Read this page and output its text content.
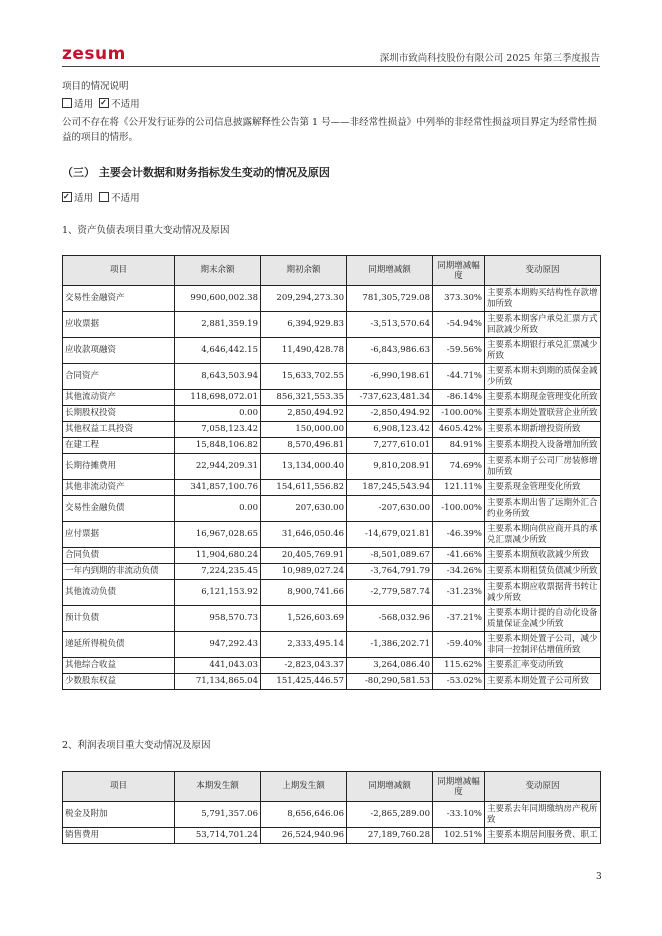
zesum	深圳市致尚科技股份有限公司 2025 年第三季度报告
项目的情况说明
适用 ✓ 不适用
公司不存在将《公开发行证券的公司信息披露解释性公告第 1 号——非经常性损益》中列举的非经常性损益项目界定为经常性损益的项目的情形。
（三） 主要会计数据和财务指标发生变动的情况及原因
✓适用 不适用
1、资产负债表项目重大变动情况及原因
项目	期末余额	期初余额	同期增减额	同期增减幅度	变动原因
交易性金融资产	990,600,002.38	209,294,273.30	781,305,729.08	373.30%	主要系本期购买结构性存款增加所致
应收票据	2,881,359.19	6,394,929.83	-3,513,570.64	-54.94%	主要系本期客户承兑汇票方式回款减少所致
应收款项融资	4,646,442.15	11,490,428.78	-6,843,986.63	-59.56%	主要系本期银行承兑汇票减少所致
合同资产	8,643,503.94	15,633,702.55	-6,990,198.61	-44.71%	主要系本期未到期的质保金减少所致
其他流动资产	118,698,072.01	856,321,553.35	-737,623,481.34	-86.14%	主要系本期现金管理变化所致
长期股权投资	0.00	2,850,494.92	-2,850,494.92	-100.00%	主要系本期处置联营企业所致
其他权益工具投资	7,058,123.42	150,000.00	6,908,123.42	4605.42%	主要系本期新增投资所致
在建工程	15,848,106.82	8,570,496.81	7,277,610.01	84.91%	主要系本期投入设备增加所致
长期待摊费用	22,944,209.31	13,134,000.40	9,810,208.91	74.69%	主要系本期子公司厂房装修增加所致
其他非流动资产	341,857,100.76	154,611,556.82	187,245,543.94	121.11%	主要系现金管理变化所致
交易性金融负债	0.00	207,630.00	-207,630.00	-100.00%	主要系本期出售了远期外汇合约业务所致
应付票据	16,967,028.65	31,646,050.46	-14,679,021.81	-46.39%	主要系本期向供应商开具的承兑汇票减少所致
合同负债	11,904,680.24	20,405,769.91	-8,501,089.67	-41.66%	主要系本期预收款减少所致
一年内到期的非流动负债	7,224,235.45	10,989,027.24	-3,764,791.79	-34.26%	主要系本期租赁负债减少所致
其他流动负债	6,121,153.92	8,900,741.66	-2,779,587.74	-31.23%	主要系本期应收票据背书转让减少所致
预计负债	958,570.73	1,526,603.69	-568,032.96	-37.21%	主要系本期计提的自动化设备质量保证金减少所致
递延所得税负债	947,292.43	2,333,495.14	-1,386,202.71	-59.40%	主要系本期处置子公司，减少非同一控制评估增值所致
其他综合收益	441,043.03	-2,823,043.37	3,264,086.40	115.62%	主要系汇率变动所致
少数股东权益	71,134,865.04	151,425,446.57	-80,290,581.53	-53.02%	主要系本期处置子公司所致
2、利润表项目重大变动情况及原因
项目	本期发生额	上期发生额	同期增减额	同期增减幅度	变动原因
税金及附加	5,791,357.06	8,656,646.06	-2,865,289.00	-33.10%	主要系去年同期缴纳房产税所致
销售费用	53,714,701.24	26,524,940.96	27,189,760.28	102.51%	主要系本期居间服务费、职工
3
